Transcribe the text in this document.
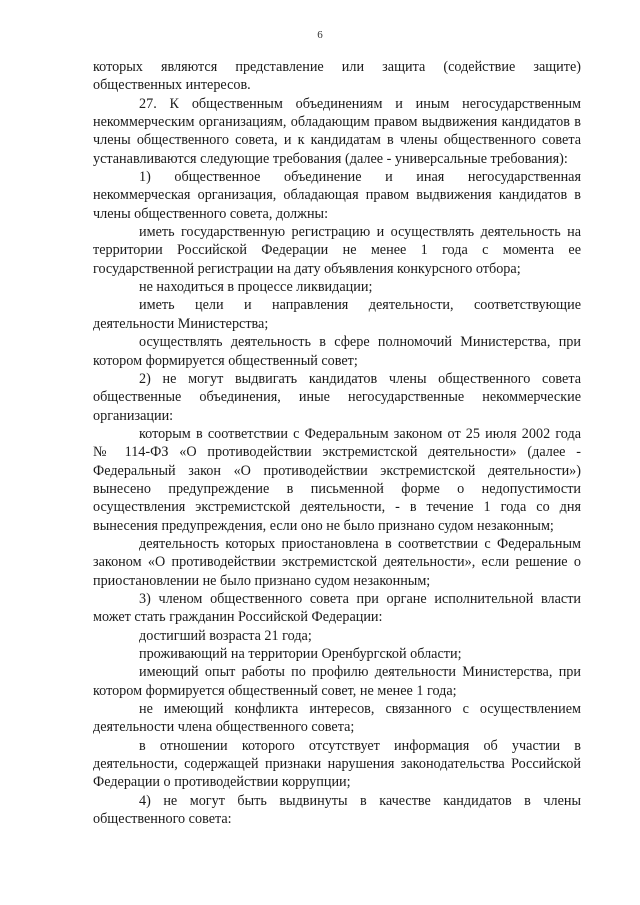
6

которых являются представление или защита (содействие защите) общественных интересов.

27. К общественным объединениям и иным негосударственным некоммерческим организациям, обладающим правом выдвижения кандидатов в члены общественного совета, и к кандидатам в члены общественного совета устанавливаются следующие требования (далее - универсальные требования):

1) общественное объединение и иная негосударственная некоммерческая организация, обладающая правом выдвижения кандидатов в члены общественного совета, должны:

иметь государственную регистрацию и осуществлять деятельность на территории Российской Федерации не менее 1 года с момента ее государственной регистрации на дату объявления конкурсного отбора;

не находиться в процессе ликвидации;

иметь цели и направления деятельности, соответствующие деятельности Министерства;

осуществлять деятельность в сфере полномочий Министерства, при котором формируется общественный совет;

2) не могут выдвигать кандидатов члены общественного совета общественные объединения, иные негосударственные некоммерческие организации:

которым в соответствии с Федеральным законом от 25 июля 2002 года № 114-ФЗ «О противодействии экстремистской деятельности» (далее - Федеральный закон «О противодействии экстремистской деятельности») вынесено предупреждение в письменной форме о недопустимости осуществления экстремистской деятельности, - в течение 1 года со дня вынесения предупреждения, если оно не было признано судом незаконным;

деятельность которых приостановлена в соответствии с Федеральным законом «О противодействии экстремистской деятельности», если решение о приостановлении не было признано судом незаконным;

3) членом общественного совета при органе исполнительной власти может стать гражданин Российской Федерации:

достигший возраста 21 года;

проживающий на территории Оренбургской области;

имеющий опыт работы по профилю деятельности Министерства, при котором формируется общественный совет, не менее 1 года;

не имеющий конфликта интересов, связанного с осуществлением деятельности члена общественного совета;

в отношении которого отсутствует информация об участии в деятельности, содержащей признаки нарушения законодательства Российской Федерации о противодействии коррупции;

4) не могут быть выдвинуты в качестве кандидатов в члены общественного совета:
